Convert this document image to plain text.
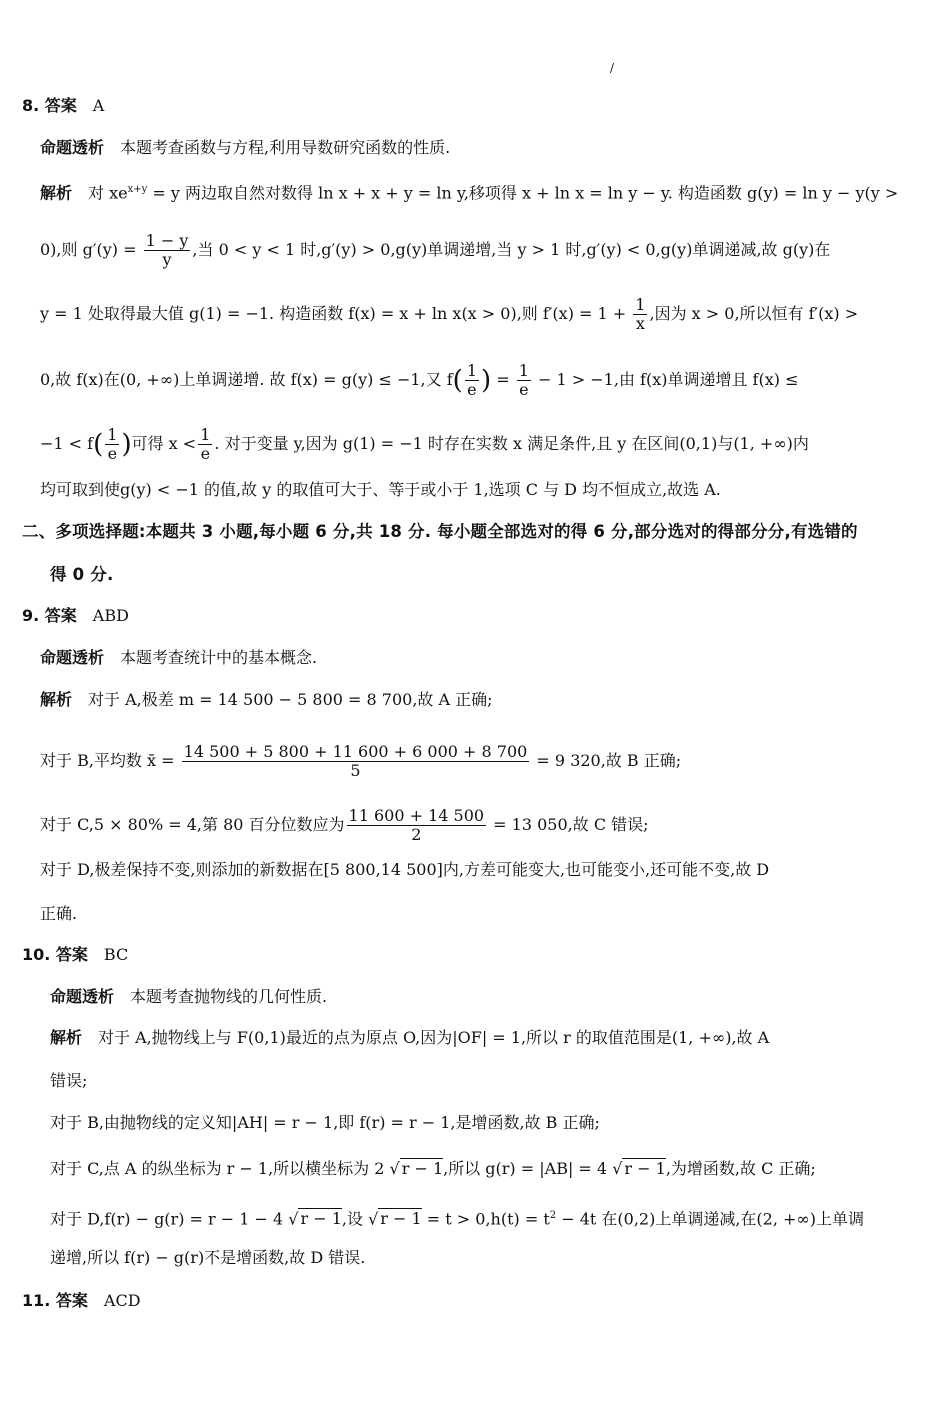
/
8. 答案 A
命题透析 本题考查函数与方程,利用导数研究函数的性质.
解析 对 $xe^{x+y} = y$ 两边取自然对数得 ln x + x + y = ln y,移项得 x + ln x = ln y − y. 构造函数 g(y) = ln y − y(y >
0),则 $g'(y) = \frac{1 - y}{y}$ ,当 0 < y < 1 时,g′(y) > 0,g(y)单调递增,当 y > 1 时,g′(y) < 0,g(y)单调递减,故 g(y)在
y = 1 处取得最大值 g(1) = −1. 构造函数 f(x) = x + ln x(x > 0),则 $f'(x) = 1 + \frac{1}{x}$ ,因为 x > 0,所以恒有 f′(x) >
0,故 f(x)在(0, +∞)上单调递增. 故 f(x) = g(y) ≤ −1,又 $f( \frac{1}{e}$ ) = $\frac{1}{e} - 1 > -1$,由 f(x)单调递增且 f(x) ≤
$-1 < f( \frac{1}{e}$ )可得 $x < \frac{1}{e}$ . 对于变量 y,因为 g(1) = −1 时存在实数 x 满足条件,且 y 在区间(0,1)与(1, +∞)内
均可取到使g(y) < −1 的值,故 y 的取值可大于、等于或小于 1,选项 C 与 D 均不恒成立,故选 A.
二、多项选择题:本题共 3 小题,每小题 6 分,共 18 分. 每小题全部选对的得 6 分,部分选对的得部分分,有选错的
得 0 分.
9. 答案 ABD
命题透析 本题考查统计中的基本概念.
解析 对于 A,极差 m = 14 500 − 5 800 = 8 700,故 A 正确;
对于 B,平均数 x̄ = $\frac{14 500 + 5 800 + 11 600 + 6 000 + 8 700}{5} = 9$ 320,故 B 正确;
对于 C,5 × 80% = 4,第 80 百分位数应为 $\frac{11 600 + 14 500}{2} = 13$ 050,故 C 错误;
对于 D,极差保持不变,则添加的新数据在[5 800,14 500]内,方差可能变大,也可能变小,还可能不变,故 D
正确.
10. 答案 BC
命题透析 本题考查抛物线的几何性质.
解析 对于 A,抛物线上与 F(0,1)最近的点为原点 O,因为|OF| = 1,所以 r 的取值范围是(1, +∞),故 A
错误;
对于 B,由抛物线的定义知|AH| = r − 1,即 f(r) = r − 1,是增函数,故 B 正确;
对于 C,点 A 的纵坐标为 r − 1,所以横坐标为 2 √ r − 1,所以 g(r) = |AB| = 4 √ r − 1,为增函数,故 C 正确;
对于 D,f(r) − g(r) = r − 1 − 4 √ r − 1,设 √ $r - 1 = t > 0,h(t) = t^2 - 4t$ 在(0,2)上单调递减,在(2, +∞)上单调
递增,所以 f(r) − g(r)不是增函数,故 D 错误.
11. 答案 ACD
